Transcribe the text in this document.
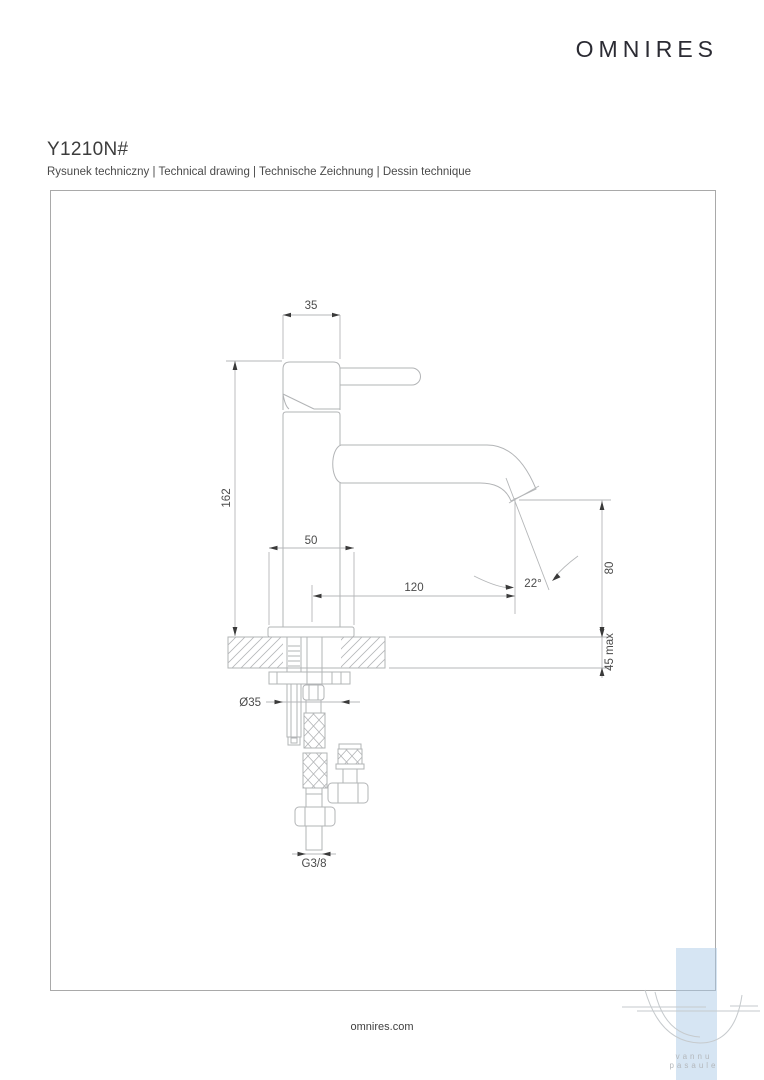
OMNIRES
Y1210N#
Rysunek techniczny | Technical drawing | Technische Zeichnung | Dessin technique
35
162
50
120	22°
80
45 max
Ø35
G3/8
omnires.com
vannu
pasaule
